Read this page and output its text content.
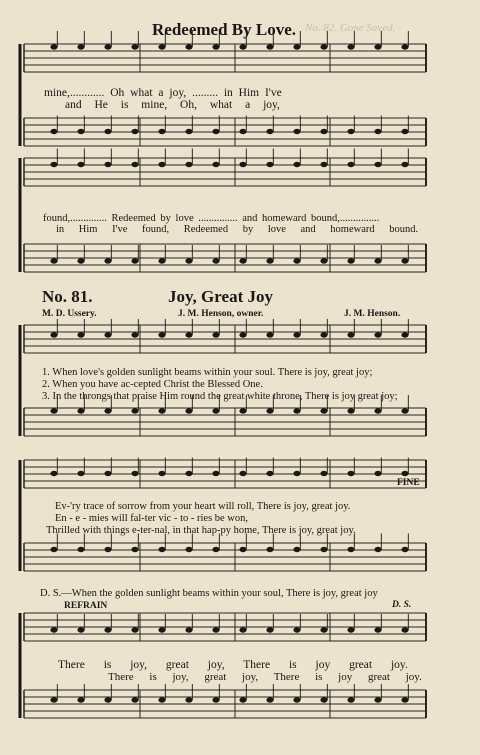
Redeemed By Love. No. 82. Gone Saved.
mine,............ Oh what a joy, ......... in Him I've
and He is mine, Oh, what a joy,
found,.............. Redeemed by love ............... and homeward bound,...............
in Him I've found, Redeemed by love and homeward bound.
No. 81.	Joy, Great Joy
M. D. Ussery.	J. M. Henson, owner.	J. M. Henson.
1. When love's golden sunlight beams within your soul. There is joy, great joy;
2. When you have ac-cepted Christ the Blessed One.
3. In the throngs that praise Him round the great white throne, There is joy great joy;
FINE
Ev-'ry trace of sorrow from your heart will roll, There is joy, great joy.
En - e - mies will fal-ter vic - to - ries be won,
Thrilled with things e-ter-nal, in that hap-py home, There is joy, great joy.
D. S.—When the golden sunlight beams within your soul, There is joy, great joy
REFRAIN	D. S.
There is joy, great joy, There is joy great joy.
There is joy, great joy, There is joy great joy.
